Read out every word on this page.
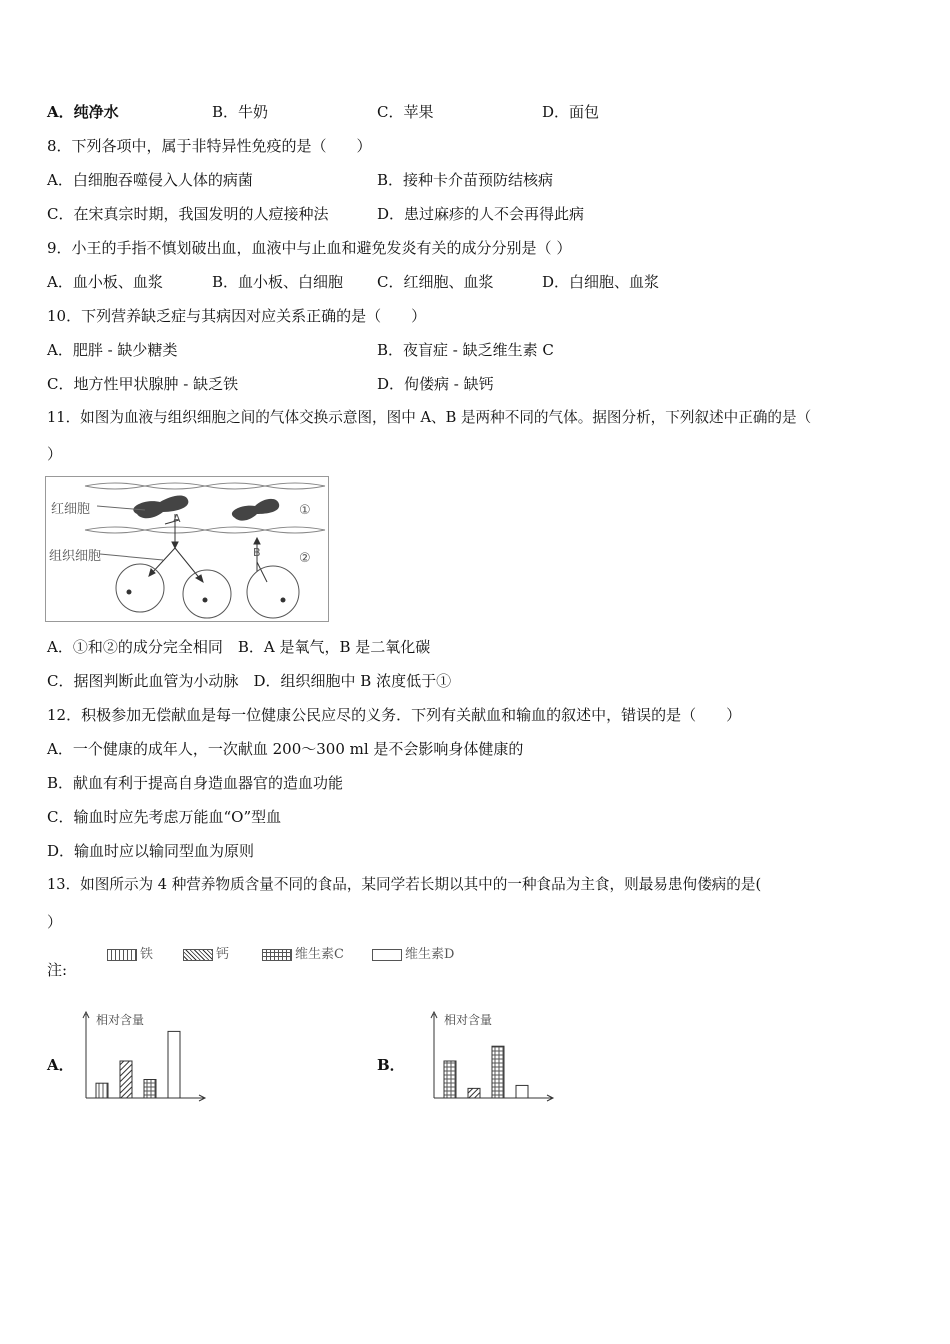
A．纯净水	B．牛奶	C．苹果	D．面包
8．下列各项中，属于非特异性免疫的是（　　）
A．白细胞吞噬侵入人体的病菌	B．接种卡介苗预防结核病
C．在宋真宗时期，我国发明的人痘接种法	D．患过麻疹的人不会再得此病
9．小王的手指不慎划破出血，血液中与止血和避免发炎有关的成分分别是（ ）
A．血小板、血浆	B．血小板、白细胞 C．红细胞、血浆	D．白细胞、血浆
10．下列营养缺乏症与其病因对应关系正确的是（　　）
A．肥胖 - 缺少糖类	B．夜盲症 - 缺乏维生素 C
C．地方性甲状腺肿 - 缺乏铁	D．佝偻病 - 缺钙
11．如图为血液与组织细胞之间的气体交换示意图，图中 A、B 是两种不同的气体。据图分析，下列叙述中正确的是（
）
红细胞
组织细胞
A
B
①
②
A．①和②的成分完全相同　B．A 是氧气，B 是二氧化碳
C．据图判断此血管为小动脉　D．组织细胞中 B 浓度低于①
12．积极参加无偿献血是每一位健康公民应尽的义务．下列有关献血和输血的叙述中，错误的是（　　）
A．一个健康的成年人，一次献血 200～300 ml 是不会影响身体健康的
B．献血有利于提高自身造血器官的造血功能
C．输血时应先考虑万能血“O”型血
D．输血时应以输同型血为原则
13．如图所示为 4 种营养物质含量不同的食品，某同学若长期以其中的一种食品为主食，则最易患佝偻病的是(
）
注:
铁	钙	维生素C	维生素D
A．	B．
相对含量	相对含量
